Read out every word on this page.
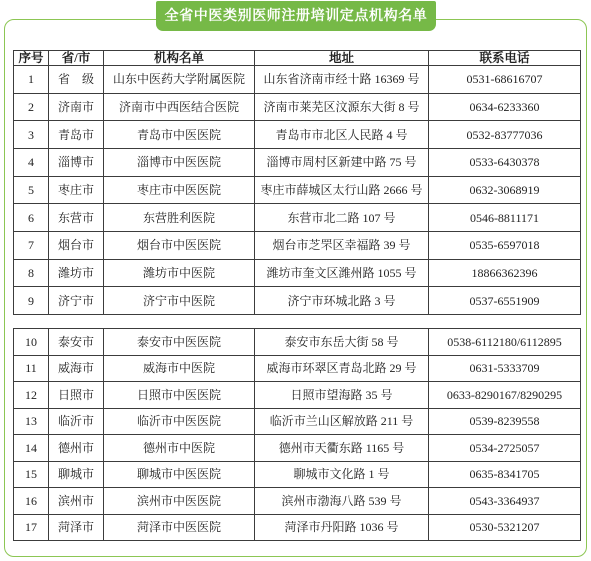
全省中医类别医师注册培训定点机构名单
序号	省/市	机构名单	地址	联系电话
1	省　级	山东中医药大学附属医院	山东省济南市经十路 16369 号	0531-68616707
2	济南市	济南市中西医结合医院	济南市莱芜区汶源东大街 8 号	0634-6233360
3	青岛市	青岛市中医医院	青岛市市北区人民路 4 号	0532-83777036
4	淄博市	淄博市中医医院	淄博市周村区新建中路 75 号	0533-6430378
5	枣庄市	枣庄市中医医院	枣庄市薛城区太行山路 2666 号	0632-3068919
6	东营市	东营胜利医院	东营市北二路 107 号	0546-8811171
7	烟台市	烟台市中医医院	烟台市芝罘区幸福路 39 号	0535-6597018
8	潍坊市	潍坊市中医院	潍坊市奎文区潍州路 1055 号	18866362396
9	济宁市	济宁市中医院	济宁市环城北路 3 号	0537-6551909
10	泰安市	泰安市中医医院	泰安市东岳大街 58 号	0538-6112180/6112895
11	威海市	威海市中医院	威海市环翠区青岛北路 29 号	0631-5333709
12	日照市	日照市中医医院	日照市望海路 35 号	0633-8290167/8290295
13	临沂市	临沂市中医医院	临沂市兰山区解放路 211 号	0539-8239558
14	德州市	德州市中医院	德州市天衢东路 1165 号	0534-2725057
15	聊城市	聊城市中医医院	聊城市文化路 1 号	0635-8341705
16	滨州市	滨州市中医医院	滨州市渤海八路 539 号	0543-3364937
17	菏泽市	菏泽市中医医院	菏泽市丹阳路 1036 号	0530-5321207
